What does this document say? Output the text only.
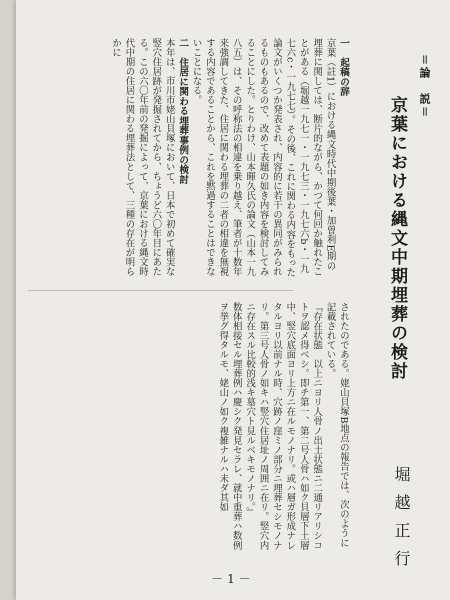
＝論　説＝
京葉における縄文中期埋葬の検討
堀越正行

一　起稿の辞

京葉（註1）における縄文時代中期後葉・加曽利E期の埋葬に関しては、断片的ながら、かつて何回か触れたことがある（堀越一九七一・一九七三・一九七六b・一九七六c・一九七七）。その後、これに関わる内容をもった論文がいくつか発表され、内容的に若干の異同がみられるものもあるので、改めて表題の如き内容を検討してみることにした。とりわけ、山本暉久氏の論文（山本一九八五）は、その呼称法の相違を乗り越え、筆者が十数年来強調してきた、住居に関わる埋葬の二者の相違を無視する内容であることから、これを黙過することはできないことになる。

二　住居に関わる埋葬事例の検討

本年は、市川市姥山貝塚において、日本で初めて確実な竪穴住居跡が発掘されてから、ちょうど六〇年目にあたる。この六〇年前の発掘によって、京葉における縄文時代中期の住居に関わる埋葬法として、三種の存在が明らかに

されたのである。姥山貝塚B地点の報告では、次のように記載されている。

『存在状態　以上ニヨリ人骨ノ出土状態ニ二通リアリシコトヲ認メ得ベシ。即チ第一、第二号人骨ハ如ク貝層下土層中、竪穴底面ヨリ上方ニ在ルモノナリ。或ハ層ガ形成ナレタルヨリ以前ナル時、穴跡ノ窪ミノ部分ニ埋葬セシモノナリ。第三号人骨ノ如キハ竪穴住居址ノ周囲ニ在リ。竪穴内ニ存在スル比較的浅キ墓穴ト見ルベキモノナリ。』

数体相接セル埋葬例ハ慶シク発見セラレ、就中重葬ハ数例ヲ挙グ得タルモ、姥山ノ如ク複雑ナルハ未ダ其如

－1－
